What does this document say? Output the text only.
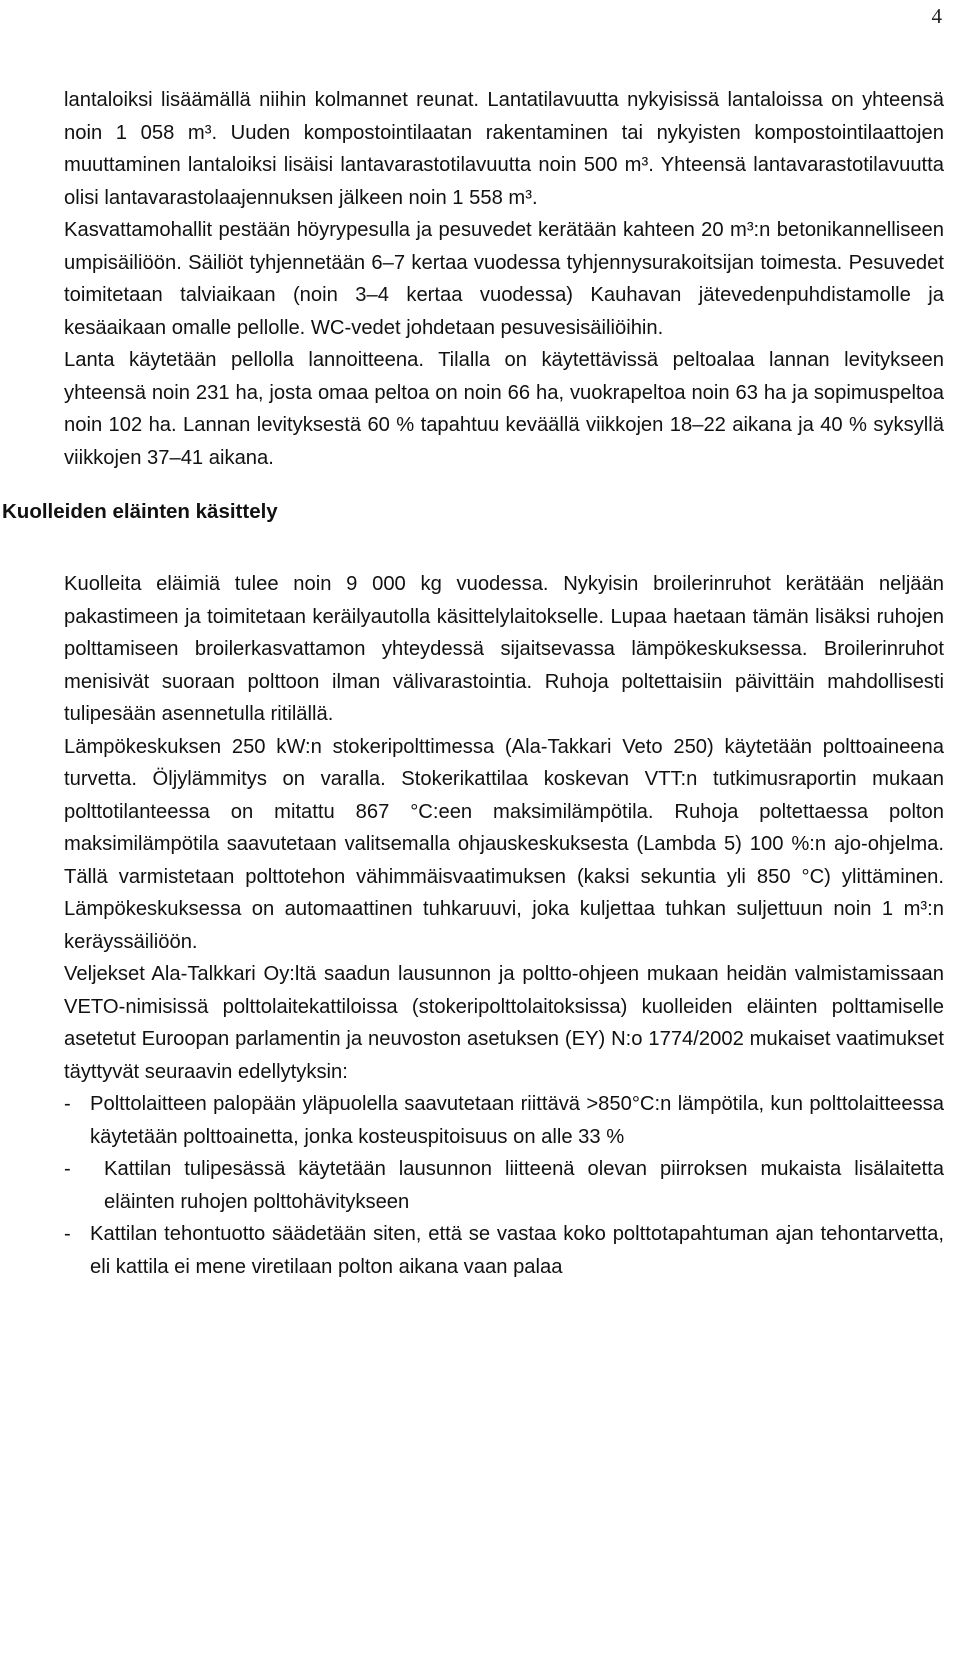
4

lantaloiksi lisäämällä niihin kolmannet reunat. Lantatilavuutta nykyisissä lantaloissa on yhteensä noin 1 058 m³. Uuden kompostointilaatan rakentaminen tai nykyisten kompostointilaattojen muuttaminen lantaloiksi lisäisi lantavarastotilavuutta noin 500 m³. Yhteensä lantavarastotilavuutta olisi lantavarastolaajennuksen jälkeen noin 1 558 m³.

Kasvattamohallit pestään höyrypesulla ja pesuvedet kerätään kahteen 20 m³:n betonikannelliseen umpisäiliöön. Säiliöt tyhjennetään 6–7 kertaa vuodessa tyhjennysurakoitsijan toimesta. Pesuvedet toimitetaan talviaikaan (noin 3–4 kertaa vuodessa) Kauhavan jätevedenpuhdistamolle ja kesäaikaan omalle pellolle. WC-vedet johdetaan pesuvesisäiliöihin.

Lanta käytetään pellolla lannoitteena. Tilalla on käytettävissä peltoalaa lannan levitykseen yhteensä noin 231 ha, josta omaa peltoa on noin 66 ha, vuokrapeltoa noin 63 ha ja sopimuspeltoa noin 102 ha. Lannan levityksestä 60 % tapahtuu keväällä viikkojen 18–22 aikana ja 40 % syksyllä viikkojen 37–41 aikana.

Kuolleiden eläinten käsittely

Kuolleita eläimiä tulee noin 9 000 kg vuodessa. Nykyisin broilerinruhot kerätään neljään pakastimeen ja toimitetaan keräilyautolla käsittelylaitokselle. Lupaa haetaan tämän lisäksi ruhojen polttamiseen broilerkasvattamon yhteydessä sijaitsevassa lämpökeskuksessa. Broilerinruhot menisivät suoraan polttoon ilman välivarastointia. Ruhoja poltettaisiin päivittäin mahdollisesti tulipesään asennetulla ritilällä.

Lämpökeskuksen 250 kW:n stokeripolttimessa (Ala-Takkari Veto 250) käytetään polttoaineena turvetta. Öljylämmitys on varalla. Stokerikattilaa koskevan VTT:n tutkimusraportin mukaan polttotilanteessa on mitattu 867 °C:een maksimilämpötila. Ruhoja poltettaessa polton maksimilämpötila saavutetaan valitsemalla ohjauskeskuksesta (Lambda 5) 100 %:n ajo-ohjelma. Tällä varmistetaan polttotehon vähimmäisvaatimuksen (kaksi sekuntia yli 850 °C) ylittäminen. Lämpökeskuksessa on automaattinen tuhkaruuvi, joka kuljettaa tuhkan suljettuun noin 1 m³:n keräyssäiliöön.

Veljekset Ala-Talkkari Oy:ltä saadun lausunnon ja poltto-ohjeen mukaan heidän valmistamissaan VETO-nimisissä polttolaitekattiloissa (stokeripolttolaitoksissa) kuolleiden eläinten polttamiselle asetetut Euroopan parlamentin ja neuvoston asetuksen (EY) N:o 1774/2002 mukaiset vaatimukset täyttyvät seuraavin edellytyksin:

- Polttolaitteen palopään yläpuolella saavutetaan riittävä >850°C:n lämpötila, kun polttolaitteessa käytetään polttoainetta, jonka kosteuspitoisuus on alle 33 %
- Kattilan tulipesässä käytetään lausunnon liitteenä olevan piirroksen mukaista lisälaitetta eläinten ruhojen polttohävitykseen
- Kattilan tehontuotto säädetään siten, että se vastaa koko polttotapahtuman ajan tehontarvetta, eli kattila ei mene viretilaan polton aikana vaan palaa
